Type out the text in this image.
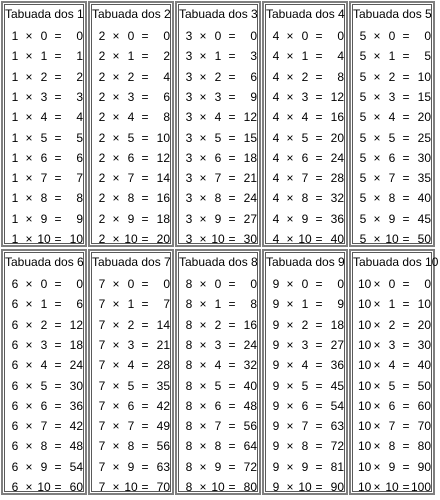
Tabuada dos 1
1 × 0 =	0
1 × 1 =	1
1 × 2 =	2
1 × 3 =	3
1 × 4 =	4
1 × 5 =	5
1 × 6 =	6
1 × 7 =	7
1 × 8 =	8
1 × 9 =	9
1 × 10 = 10
Tabuada dos 2
2 × 0 =	0
2 × 1 =	2
2 × 2 =	4
2 × 3 =	6
2 × 4 =	8
2 × 5 = 10
2 × 6 = 12
2 × 7 = 14
2 × 8 = 16
2 × 9 = 18
2 × 10 = 20
Tabuada dos 3
3 × 0 =	0
3 × 1 =	3
3 × 2 =	6
3 × 3 =	9
3 × 4 = 12
3 × 5 = 15
3 × 6 = 18
3 × 7 = 21
3 × 8 = 24
3 × 9 = 27
3 × 10 = 30
Tabuada dos 4
4 × 0 =	0
4 × 1 =	4
4 × 2 =	8
4 × 3 = 12
4 × 4 = 16
4 × 5 = 20
4 × 6 = 24
4 × 7 = 28
4 × 8 = 32
4 × 9 = 36
4 × 10 = 40
Tabuada dos 5
5 × 0 =	0
5 × 1 =	5
5 × 2 = 10
5 × 3 = 15
5 × 4 = 20
5 × 5 = 25
5 × 6 = 30
5 × 7 = 35
5 × 8 = 40
5 × 9 = 45
5 × 10 = 50
Tabuada dos 6
6 × 0 =	0
6 × 1 =	6
6 × 2 = 12
6 × 3 = 18
6 × 4 = 24
6 × 5 = 30
6 × 6 = 36
6 × 7 = 42
6 × 8 = 48
6 × 9 = 54
6 × 10 = 60
Tabuada dos 7
7 × 0 =	0
7 × 1 =	7
7 × 2 = 14
7 × 3 = 21
7 × 4 = 28
7 × 5 = 35
7 × 6 = 42
7 × 7 = 49
7 × 8 = 56
7 × 9 = 63
7 × 10 = 70
Tabuada dos 8
8 × 0 =	0
8 × 1 =	8
8 × 2 = 16
8 × 3 = 24
8 × 4 = 32
8 × 5 = 40
8 × 6 = 48
8 × 7 = 56
8 × 8 = 64
8 × 9 = 72
8 × 10 = 80
Tabuada dos 9
9 × 0 =	0
9 × 1 =	9
9 × 2 = 18
9 × 3 = 27
9 × 4 = 36
9 × 5 = 45
9 × 6 = 54
9 × 7 = 63
9 × 8 = 72
9 × 9 = 81
9 × 10 = 90
Tabuada dos 10
10 × 0 =	0
10 × 1 = 10
10 × 2 = 20
10 × 3 = 30
10 × 4 = 40
10 × 5 = 50
10 × 6 = 60
10 × 7 = 70
10 × 8 = 80
10 × 9 = 90
10 × 10 = 100
